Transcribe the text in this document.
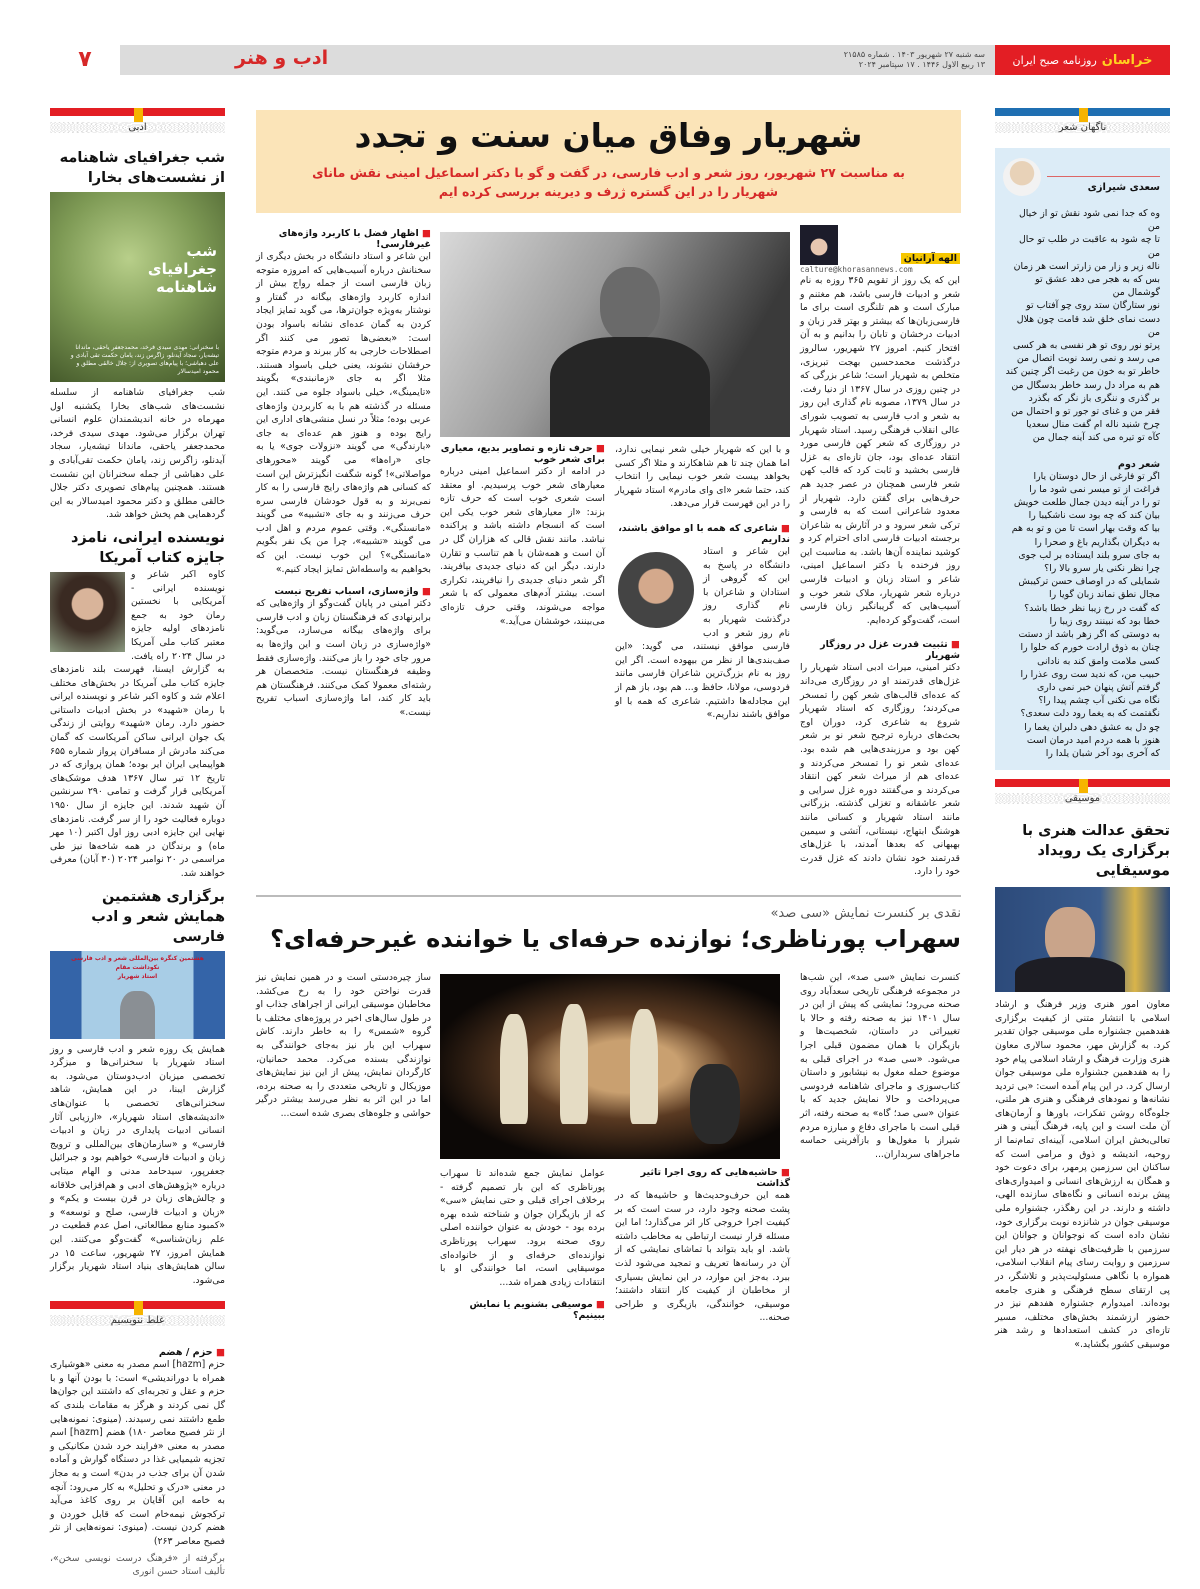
خراسان
روزنامه صبح ایران
سه شنبه ۲۷ شهریور ۱۴۰۳ . شماره ۲۱۵۸۵
۱۳ ربیع الاول ۱۴۴۶ . ۱۷ سپتامبر ۲۰۲۴
ادب و هنر
۷
ناگهان شعر
سعدی شیرازی
وه که جدا نمی شود نقش تو از خیال من
تا چه شود به عاقبت در طلب تو حال من
ناله زیر و زار من زارتر است هر زمان
بس که به هجر می دهد عشق تو گوشمال من
نور ستارگان ستد روی چو آفتاب تو
دست نمای خلق شد قامت چون هلال من
پرتو نور روی تو هر نفسی به هر کسی
می رسد و نمی رسد نوبت اتصال من
خاطر تو به خون من رغبت اگر چنین کند
هم به مراد دل رسد خاطر بدسگال من
بر گذری و ننگری باز نگر که بگذرد
فقر من و غنای تو جور تو و احتمال من
چرخ شنید ناله ام گفت منال سعدیا
کآه تو تیره می کند آینه جمال من
شعر دوم
اگر تو فارغی از حال دوستان یارا
فراغت از تو میسر نمی شود ما را
تو را در آینه دیدن جمال طلعت خویش
بیان کند که چه بود ست ناشکیبا را
بیا که وقت بهار است تا من و تو به هم
به دیگران بگذاریم باغ و صحرا را
به جای سرو بلند ایستاده بر لب جوی
چرا نظر نکنی یار سرو بالا را؟
شمایلی که در اوصاف حسن ترکیبش
مجال نطق نماند زبان گویا را
که گفت در رخ زیبا نظر خطا باشد؟
خطا بود که نبینند روی زیبا را
به دوستی که اگر زهر باشد از دستت
چنان به ذوق ارادت خورم که حلوا را
کسی ملامت وامق کند به نادانی
حبیب من، که ندید ست روی عذرا را
گرفتم آتش پنهان خبر نمی داری
نگاه می نکنی آب چشم پیدا را؟
نگفتمت که به یغما رود دلت سعدی؟
چو دل به عشق دهی دلبران یغما را
هنوز با همه دردم امید درمان است
که آخری بود آخر شبان یلدا را
موسیقی
تحقق عدالت هنری با برگزاری یک رویداد موسیقایی
معاون امور هنری وزیر فرهنگ و ارشاد اسلامی با انتشار متنی از کیفیت برگزاری هفدهمین جشنواره ملی موسیقی جوان تقدیر کرد. به گزارش مهر، محمود سالاری معاون هنری وزارت فرهنگ و ارشاد اسلامی پیام خود را به هفدهمین جشنواره ملی موسیقی جوان ارسال کرد. در این پیام آمده است: «بی تردید نشانه‌ها و نمودهای فرهنگی و هنری هر ملتی، جلوه‌گاه روشن تفکرات، باورها و آرمان‌های آن ملت است و این پایه، فرهنگ آیینی و هنر تعالی‌بخش ایران اسلامی، آیینه‌ای تمام‌نما از روحیه، اندیشه و ذوق و مرامی است که ساکنان این سرزمین پرمهر، برای دعوت خود و همگان به ارزش‌های انسانی و امیدواری‌های پیش برنده انسانی و نگاه‌های سازنده الهی، داشته و دارند. در این رهگذر، جشنواره ملی موسیقی جوان در شانزده نوبت برگزاری خود، نشان داده است که نوجوانان و جوانان این سرزمین با ظرفیت‌های نهفته در هر دیار این سرزمین و روایت رسای پیام انقلاب اسلامی، همواره با نگاهی مسئولیت‌پذیر و تلاشگر، در پی ارتقای سطح فرهنگی و هنری جامعه بوده‌اند. امیدوارم جشنواره هفدهم نیز در حضور ارزشمند بخش‌های مختلف، مسیر تازه‌ای در کشف استعدادها و رشد هنر موسیقی کشور بگشاید.»
ادبی
شب جغرافیای شاهنامه از نشست‌های بخارا
شب جغرافیای شاهنامه
با سخنرانی: مهدی سیدی فرخد، محمدجعفر یاحقی، ماندانا تیشه‌یار، سجاد آیدنلو، زاگرس زند، یامان حکمت تقی آبادی و علی دهباشی؛ با پیام‌های تصویری از: جلال خالقی مطلق و محمود امیدسالار
شب جغرافیای شاهنامه از سلسله نشست‌های شب‌های بخارا یکشنبه اول مهرماه در خانه اندیشمندان علوم انسانی تهران برگزار می‌شود. مهدی سیدی فرخد، محمدجعفر یاحقی، ماندانا تیشه‌یار، سجاد آیدنلو، زاگرس زند، یامان حکمت تقی‌آبادی و علی دهباشی از جمله سخنرانان این نشست هستند. همچنین پیام‌های تصویری دکتر جلال خالقی مطلق و دکتر محمود امیدسالار به این گردهمایی هم پخش خواهد شد.
نویسنده ایرانی، نامزد جایزه کتاب آمریکا
کاوه اکبر شاعر و نویسنده ایرانی - آمریکایی با نخستین رمان خود به جمع نامزدهای اولیه جایزه معتبر کتاب ملی آمریکا در سال ۲۰۲۴ راه یافت. به گزارش ایسنا، فهرست بلند نامزدهای جایزه کتاب ملی آمریکا در بخش‌های مختلف اعلام شد و کاوه اکبر شاعر و نویسنده ایرانی با رمان «شهید» در بخش ادبیات داستانی حضور دارد. رمان «شهید» روایتی از زندگی یک جوان ایرانی ساکن آمریکاست که گمان می‌کند مادرش از مسافران پرواز شماره ۶۵۵ هواپیمایی ایران ایر بوده؛ همان پروازی که در تاریخ ۱۲ تیر سال ۱۳۶۷ هدف موشک‌های آمریکایی قرار گرفت و تمامی ۲۹۰ سرنشین آن شهید شدند. این جایزه از سال ۱۹۵۰ دوباره فعالیت خود را از سر گرفت. نامزدهای نهایی این جایزه ادبی روز اول اکتبر (۱۰ مهر ماه) و برندگان در همه شاخه‌ها نیز طی مراسمی در ۲۰ نوامبر ۲۰۲۴ (۳۰ آبان) معرفی خواهند شد.
برگزاری هشتمین همایش شعر و ادب فارسی
هشتمین کنگره بین‌المللی شعر و ادب فارسی
نکوداشت مقام
استاد شهریار
همایش یک روزه شعر و ادب فارسی و روز استاد شهریار با سخنرانی‌ها و میزگرد تخصصی میزبان ادب‌دوستان می‌شود. به گزارش ایبنا، در این همایش، شاهد سخنرانی‌های تخصصی با عنوان‌های «اندیشه‌های استاد شهریار»، «ارزیابی آثار انسانی ادبیات پایداری در زبان و ادبیات فارسی» و «سازمان‌های بین‌المللی و ترویج زبان و ادبیات فارسی» خواهیم بود و جبرائیل جعفرپور، سیدحامد مدنی و الهام میتایی درباره «پژوهش‌های ادبی و هم‌افزایی خلاقانه و چالش‌های زبان در قرن بیست و یکم» و «زبان و ادبیات فارسی، صلح و توسعه» و «کمبود منابع مطالعاتی، اصل عدم قطعیت در علم زبان‌شناسی» گفت‌وگو می‌کنند. این همایش امروز، ۲۷ شهریور، ساعت ۱۵ در سالن همایش‌های بنیاد استاد شهریار برگزار می‌شود.
غلط ننویسیم
■ حزم / هضم
حزم [hazm] اسم مصدر به معنی «هوشیاری همراه با دوراندیشی» است: با بودن آنها و با حزم و عقل و تجربه‌ای که داشتند این جوان‌ها گل نمی کردند و هرگز به مقامات بلندی که طمع داشتند نمی رسیدند. (مینوی: نمونه‌هایی از نثر فصیح معاصر ۱۸۰) هضم [hazm] اسم مصدر به معنی «فرایند خرد شدن مکانیکی و تجزیه شیمیایی غذا در دستگاه گوارش و آماده شدن آن برای جذب در بدن» است و به مجاز در معنی «درک و تحلیل» به کار می‌رود: آنچه به خامه این آقایان بر روی کاغذ می‌آید ترکجوش نیمه‌خام است که قابل خوردن و هضم کردن نیست. (مینوی: نمونه‌هایی از نثر فصیح معاصر ۲۶۳)
برگرفته از «فرهنگ درست نویسی سخن»، تألیف استاد حسن انوری
شهریار وفاق میان سنت و تجدد
به مناسبت ۲۷ شهریور، روز شعر و ادب فارسی، در گفت و گو با دکتر اسماعیل امینی نقش مانای شهریار را در این گستره ژرف و دیرینه بررسی کرده ایم
الهه آرانیان
calture@khorasannews.com
این که یک روز از تقویم ۳۶۵ روزه به نام شعر و ادبیات فارسی باشد، هم مغتنم و مبارک است و هم تلنگری است برای ما فارسی‌زبان‌ها که بیشتر و بهتر قدر زبان و ادبیات درخشان و تابان را بدانیم و به آن افتخار کنیم. امروز ۲۷ شهریور، سالروز درگذشت محمدحسین بهجت تبریزی، متخلص به شهریار است؛ شاعر بزرگی که در چنین روزی در سال ۱۳۶۷ از دنیا رفت. در سال ۱۳۷۹، مصوبه نام گذاری این روز به شعر و ادب فارسی به تصویب شورای عالی انقلاب فرهنگی رسید. استاد شهریار در روزگاری که شعر کهن فارسی مورد انتقاد عده‌ای بود، جان تازه‌ای به غزل فارسی بخشید و ثابت کرد که قالب کهن شعر فارسی همچنان در عصر جدید هم حرف‌هایی برای گفتن دارد. شهریار از معدود شاعرانی است که به فارسی و ترکی شعر سرود و در آثارش به شاعران برجسته ادبیات فارسی ادای احترام کرد و کوشید نماینده آن‌ها باشد. به مناسبت این روز فرخنده با دکتر اسماعیل امینی، شاعر و استاد زبان و ادبیات فارسی درباره شعر شهریار، ملاک شعر خوب و آسیب‌هایی که گریبانگیر زبان فارسی است، گفت‌وگو کرده‌ایم.
■ تثبیت قدرت غزل در روزگار شهریار
دکتر امینی، میراث ادبی استاد شهریار را غزل‌های قدرتمند او در روزگاری می‌داند که عده‌ای قالب‌های شعر کهن را تمسخر می‌کردند؛ روزگاری که استاد شهریار شروع به شاعری کرد، دوران اوج بحث‌های درباره ترجیح شعر نو بر شعر کهن بود و مرزبندی‌هایی هم شده بود. عده‌ای شعر نو را تمسخر می‌کردند و عده‌ای هم از میراث شعر کهن انتقاد می‌کردند و می‌گفتند دوره غزل سرایی و شعر عاشقانه و تغزلی گذشته. بزرگانی مانند استاد شهریار و کسانی مانند هوشنگ ابتهاج، نیستانی، آتشی و سیمین بهبهانی که بعدها آمدند، با غزل‌های قدرتمند خود نشان دادند که غزل قدرت خود را دارد.
و با این که شهریار خیلی شعر نیمایی ندارد، اما همان چند تا هم شاهکارند و مثلا اگر کسی بخواهد بیست شعر خوب نیمایی را انتخاب کند، حتما شعر «ای وای مادرم» استاد شهریار را در این فهرست قرار می‌دهد.
■ شاعری که همه با او موافق باشند، نداریم
این شاعر و استاد دانشگاه در پاسخ به این که گروهی از استادان و شاعران با نام گذاری روز درگذشت شهریار به نام روز شعر و ادب فارسی موافق نیستند، می گوید: «این صف‌بندی‌ها از نظر من بیهوده است. اگر این روز به نام بزرگ‌ترین شاعران فارسی مانند فردوسی، مولانا، حافظ و... هم بود، باز هم از این مجادله‌ها داشتیم. شاعری که همه با او موافق باشند نداریم.»
■ حرف تازه و تصاویر بدیع، معیاری برای شعر خوب
در ادامه از دکتر اسماعیل امینی درباره معیارهای شعر خوب پرسیدیم. او معتقد است شعری خوب است که حرف تازه بزند: «از معیارهای شعر خوب یکی این است که انسجام داشته باشد و پراکنده نباشد. مانند نقش قالی که هزاران گل در آن است و همه‌شان با هم تناسب و تقارن دارند. دیگر این که دنیای جدیدی بیافریند. اگر شعر دنیای جدیدی را نیافریند، تکراری است. بیشتر آدم‌های معمولی که با شعر مواجه می‌شوند، وقتی حرف تازه‌ای می‌بینند، خوششان می‌آید.»
■ اظهار فضل با کاربرد واژه‌های غیرفارسی!
این شاعر و استاد دانشگاه در بخش دیگری از سخنانش درباره آسیب‌هایی که امروزه متوجه زبان فارسی است از جمله رواج بیش از اندازه کاربرد واژه‌های بیگانه در گفتار و نوشتار به‌ویژه جوان‌ترها، می گوید تمایز ایجاد کردن به گمان عده‌ای نشانه باسواد بودن است: «بعضی‌ها تصور می کنند اگر اصطلاحات خارجی به کار ببرند و مردم متوجه حرفشان نشوند، یعنی خیلی باسواد هستند. مثلا اگر به جای «زمانبندی» بگویند «تایمینگ»، خیلی باسواد جلوه می کنند. این مسئله در گذشته هم با به کاربردن واژه‌های عربی بوده؛ مثلاً در نسل منشی‌های اداری این رایج بوده و هنوز هم عده‌ای به جای «بارندگی» می گویند «نزولات جوی» یا به جای «راه‌ها» می گویند «محورهای مواصلاتی»! گونه شگفت انگیزترش این است که کسانی هم واژه‌های رایج فارسی را به کار نمی‌برند و به قول خودشان فارسی سره حرف می‌زنند و به جای «تشبیه» می گویند «مانستگی». وقتی عموم مردم و اهل ادب می گویند «تشبیه»، چرا من یک نفر بگویم «مانستگی»؟ این خوب نیست. این که بخواهیم به واسطه‌اش تمایز ایجاد کنیم.»
■ واژه‌سازی، اسباب تفریح نیست
دکتر امینی در پایان گفت‌وگو از واژه‌هایی که برابرنهادی که فرهنگستان زبان و ادب فارسی برای واژه‌های بیگانه می‌سازد، می‌گوید: «واژه‌سازی در زبان است و این واژه‌ها به مرور جای خود را باز می‌کنند. واژه‌سازی فقط وظیفه فرهنگستان نیست. متخصصان هر رشته‌ای معمولا کمک می‌کنند. فرهنگستان هم باید کار کند، اما واژه‌سازی اسباب تفریح نیست.»
نقدی بر کنسرت نمایش «سی صد»
سهراب پورناظری؛ نوازنده حرفه‌ای یا خواننده غیرحرفه‌ای؟
کنسرت نمایش «سی صد»، این شب‌ها در مجموعه فرهنگی تاریخی سعدآباد روی صحنه می‌رود؛ نمایشی که پیش از این در سال ۱۴۰۱ نیز به صحنه رفته و حالا با تغییراتی در داستان، شخصیت‌ها و بازیگران با همان مضمون قبلی اجرا می‌شود. «سی صد» در اجرای قبلی به موضوع حمله مغول به نیشابور و داستان کتاب‌سوزی و ماجرای شاهنامه فردوسی می‌پرداخت و حالا نمایش جدید که با عنوان «سی صد؛ گاه» به صحنه رفته، اثر قبلی است با ماجرای دفاع و مبارزه مردم شیراز با مغول‌ها و بازآفرینی حماسه ماجراهای سربداران...
■ حاشیه‌هایی که روی اجرا تاثیر گذاشت
همه این حرف‌وحدیث‌ها و حاشیه‌ها که در پشت صحنه وجود دارد، در ست است که بر کیفیت اجرا خروجی کار اثر می‌گذارد؛ اما این مسئله قرار نیست ارتباطی به مخاطب داشته باشد. او باید بتواند با تماشای نمایشی که از آن در رسانه‌ها تعریف و تمجید می‌شود لذت ببرد. به‌جز این موارد، در این نمایش بسیاری از مخاطبان از کیفیت کار انتقاد داشتند؛ موسیقی، خوانندگی، بازیگری و طراحی صحنه...
عوامل نمایش جمع شده‌اند تا سهراب پورناظری که این بار تصمیم گرفته - برخلاف اجرای قبلی و حتی نمایش «سی» که از بازیگران جوان و شناخته شده بهره برده بود - خودش به عنوان خواننده اصلی روی صحنه برود. سهراب پورناظری نوازنده‌ای حرفه‌ای و از خانواده‌ای موسیقایی است، اما خوانندگی او با انتقادات زیادی همراه شد...
■ موسیقی بشنویم یا نمایش ببینیم؟
ساز چیره‌دستی است و در همین نمایش نیز قدرت نواختن خود را به رخ می‌کشد. مخاطبان موسیقی ایرانی از اجراهای جذاب او در طول سال‌های اخیر در پروژه‌های مختلف با گروه «شمس» را به خاطر دارند. کاش سهراب این بار نیز به‌جای خوانندگی به نوازندگی بسنده می‌کرد. محمد حمانیان، کارگردان نمایش، پیش از این نیز نمایش‌های موزیکال و تاریخی متعددی را به صحنه برده، اما در این اثر به نظر می‌رسد بیشتر درگیر حواشی و جلوه‌های بصری شده است...
